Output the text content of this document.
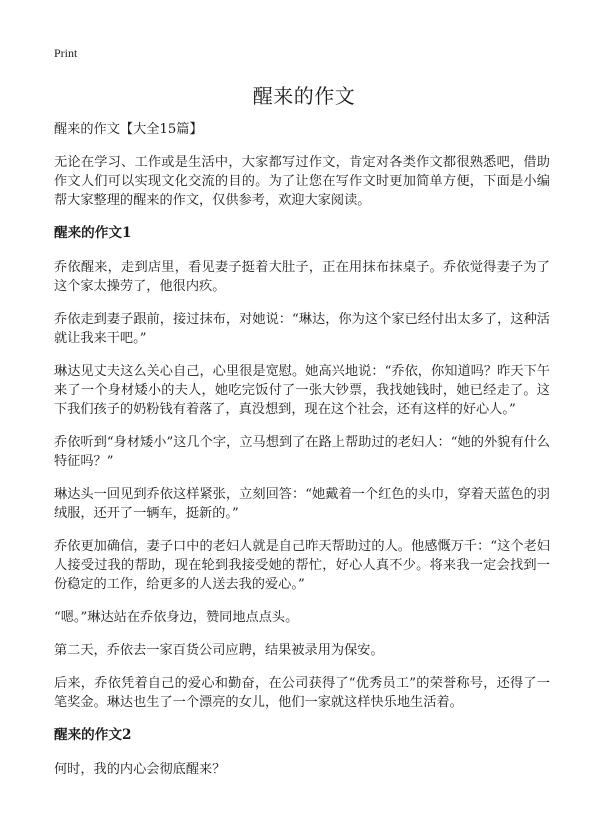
Print
醒来的作文

醒来的作文【大全15篇】

无论在学习、工作或是生活中，大家都写过作文，肯定对各类作文都很熟悉吧，借助作文人们可以实现文化交流的目的。为了让您在写作文时更加简单方便，下面是小编帮大家整理的醒来的作文，仅供参考，欢迎大家阅读。

醒来的作文1

乔依醒来，走到店里，看见妻子挺着大肚子，正在用抹布抹桌子。乔依觉得妻子为了这个家太操劳了，他很内疚。

乔依走到妻子跟前，接过抹布，对她说：“琳达，你为这个家已经付出太多了，这种活就让我来干吧。”

琳达见丈夫这么关心自己，心里很是宽慰。她高兴地说：“乔依，你知道吗？昨天下午来了一个身材矮小的夫人，她吃完饭付了一张大钞票，我找她钱时，她已经走了。这下我们孩子的奶粉钱有着落了，真没想到，现在这个社会，还有这样的好心人。”

乔依听到“身材矮小”这几个字，立马想到了在路上帮助过的老妇人：“她的外貌有什么特征吗？”

琳达头一回见到乔依这样紧张，立刻回答：“她戴着一个红色的头巾，穿着天蓝色的羽绒服，还开了一辆车，挺新的。”

乔依更加确信，妻子口中的老妇人就是自己昨天帮助过的人。他感慨万千：“这个老妇人接受过我的帮助，现在轮到我接受她的帮忙，好心人真不少。将来我一定会找到一份稳定的工作，给更多的人送去我的爱心。”

“嗯。”琳达站在乔依身边，赞同地点点头。

第二天，乔依去一家百货公司应聘，结果被录用为保安。

后来，乔依凭着自己的爱心和勤奋，在公司获得了“优秀员工”的荣誉称号，还得了一笔奖金。琳达也生了一个漂亮的女儿，他们一家就这样快乐地生活着。

醒来的作文2

何时，我的内心会彻底醒来？
